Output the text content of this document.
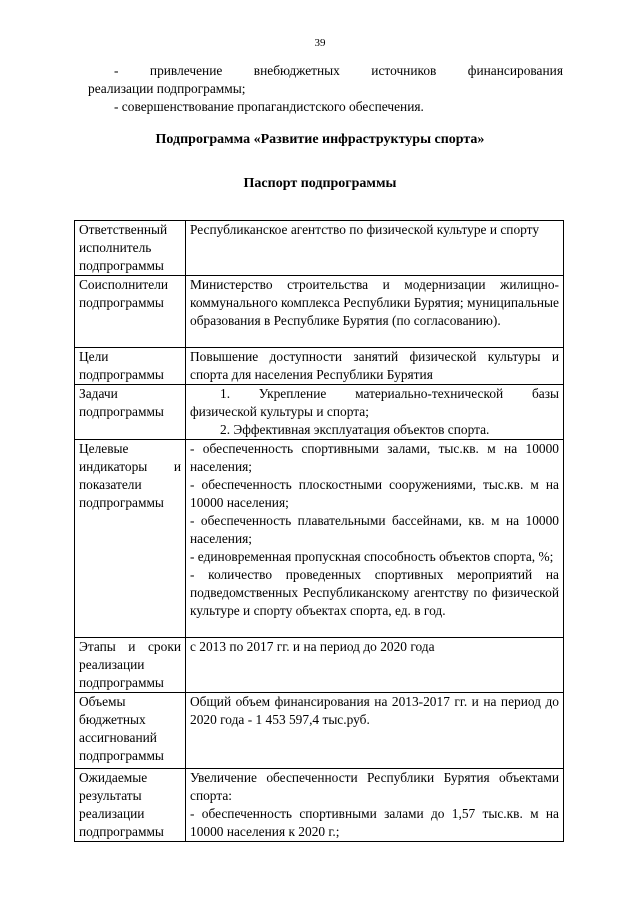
39
- привлечение внебюджетных источников финансирования
реализации подпрограммы;
- совершенствование пропагандистского обеспечения.
Подпрограмма «Развитие инфраструктуры спорта»
Паспорт подпрограммы
Ответственный исполнитель подпрограммы	Республиканское агентство по физической культуре и спорту
Соисполнители подпрограммы	Министерство строительства и модернизации жилищно-коммунального комплекса Республики Бурятия; муниципальные образования в Республике Бурятия (по согласованию).
Цели подпрограммы	Повышение доступности занятий физической культуры и спорта для населения Республики Бурятия
Задачи подпрограммы	1. Укрепление материально-технической базы
физической культуры и спорта;
2. Эффективная эксплуатация объектов спорта.

Целевые индикаторы и показатели подпрограммы	- обеспеченность спортивными залами, тыс.кв. м на 10000 населения;
- обеспеченность плоскостными сооружениями, тыс.кв. м на 10000 населения;
- обеспеченность плавательными бассейнами, кв. м на 10000 населения;
- единовременная пропускная способность объектов спорта, %;
- количество проведенных спортивных мероприятий на подведомственных Республиканскому агентству по физической культуре и спорту объектах спорта, ед. в год.

Этапы и сроки реализации подпрограммы	с 2013 по 2017 гг. и на период до 2020 года
Объемы бюджетных ассигнований подпрограммы	Общий объем финансирования на 2013-2017 гг. и на период до 2020 года - 1 453 597,4 тыс.руб.
Ожидаемые результаты реализации подпрограммы	Увеличение обеспеченности Республики Бурятия объектами спорта:
- обеспеченность спортивными залами до 1,57 тыс.кв. м на 10000 населения к 2020 г.;
